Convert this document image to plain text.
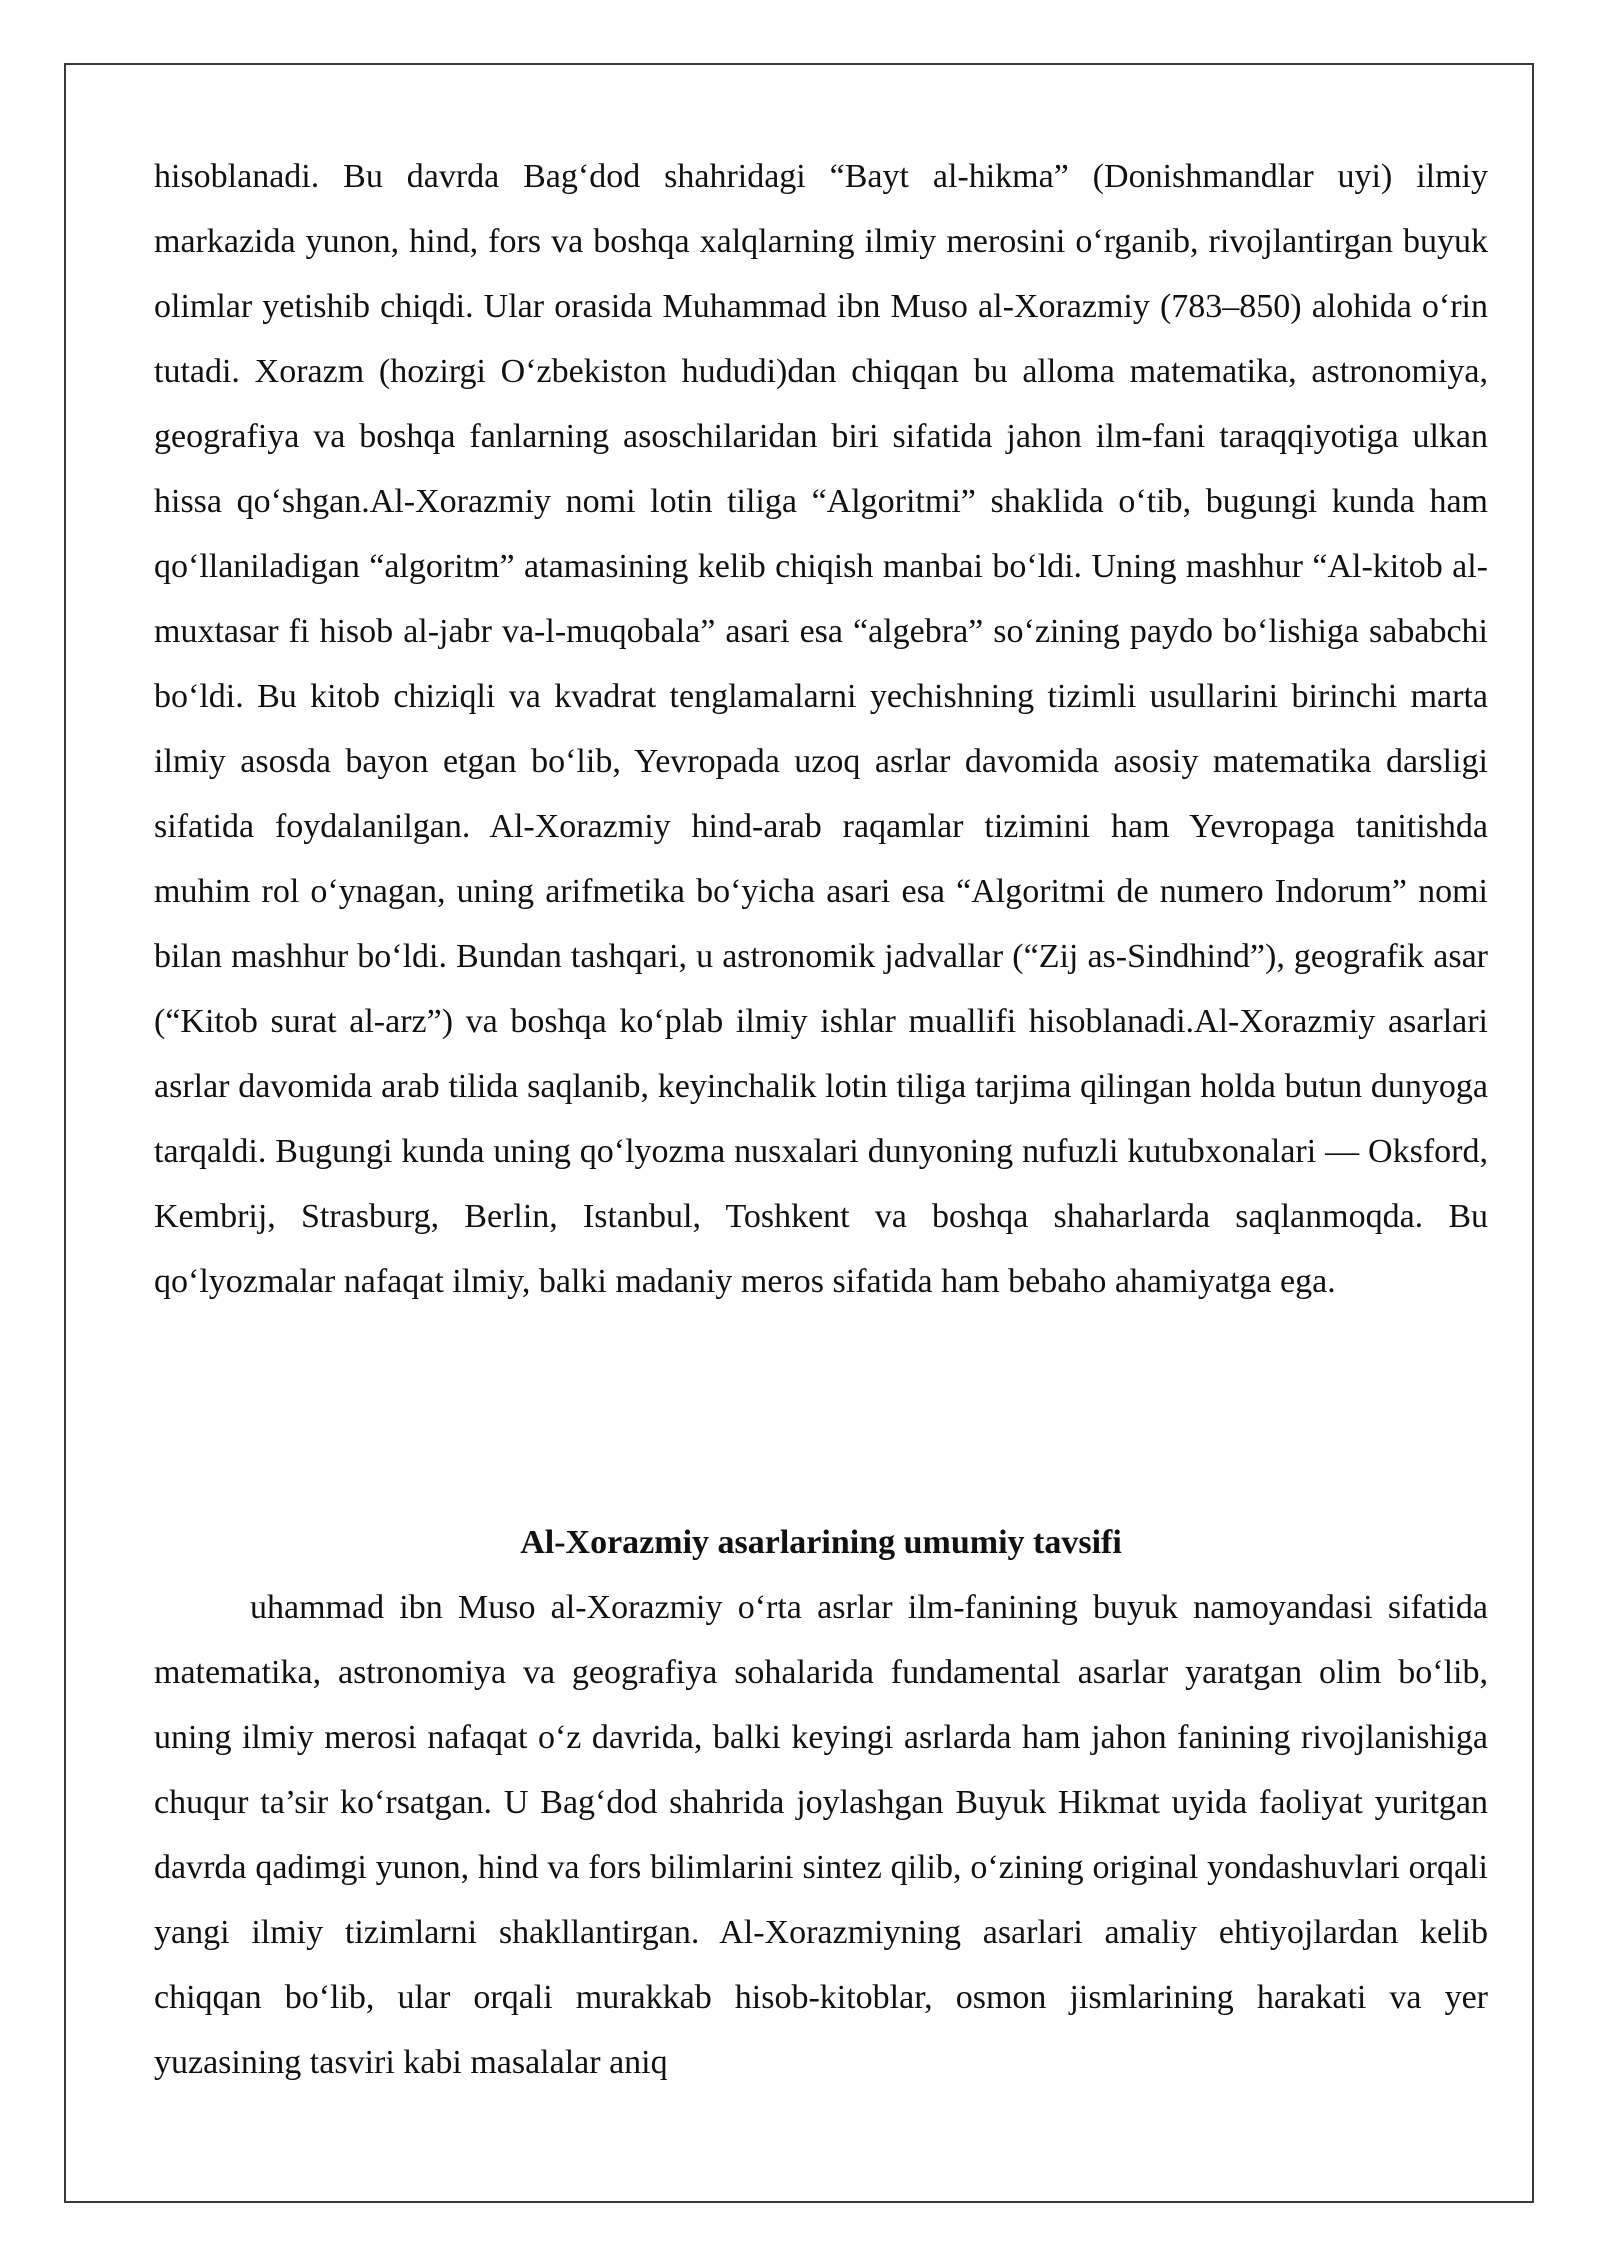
hisoblanadi. Bu davrda Bag‘dod shahridagi “Bayt al-hikma” (Donishmandlar uyi) ilmiy markazida yunon, hind, fors va boshqa xalqlarning ilmiy merosini o‘rganib, rivojlantirgan buyuk olimlar yetishib chiqdi. Ular orasida Muhammad ibn Muso al-Xorazmiy (783–850) alohida o‘rin tutadi. Xorazm (hozirgi O‘zbekiston hududi)dan chiqqan bu alloma matematika, astronomiya, geografiya va boshqa fanlarning asoschilaridan biri sifatida jahon ilm-fani taraqqiyotiga ulkan hissa qo‘shgan.Al-Xorazmiy nomi lotin tiliga “Algoritmi” shaklida o‘tib, bugungi kunda ham qo‘llaniladigan “algoritm” atamasining kelib chiqish manbai bo‘ldi. Uning mashhur “Al-kitob al-muxtasar fi hisob al-jabr va-l-muqobala” asari esa “algebra” so‘zining paydo bo‘lishiga sababchi bo‘ldi. Bu kitob chiziqli va kvadrat tenglamalarni yechishning tizimli usullarini birinchi marta ilmiy asosda bayon etgan bo‘lib, Yevropada uzoq asrlar davomida asosiy matematika darsligi sifatida foydalanilgan. Al-Xorazmiy hind-arab raqamlar tizimini ham Yevropaga tanitishda muhim rol o‘ynagan, uning arifmetika bo‘yicha asari esa “Algoritmi de numero Indorum” nomi bilan mashhur bo‘ldi. Bundan tashqari, u astronomik jadvallar (“Zij as-Sindhind”), geografik asar (“Kitob surat al-arz”) va boshqa ko‘plab ilmiy ishlar muallifi hisoblanadi.Al-Xorazmiy asarlari asrlar davomida arab tilida saqlanib, keyinchalik lotin tiliga tarjima qilingan holda butun dunyoga tarqaldi. Bugungi kunda uning qo‘lyozma nusxalari dunyoning nufuzli kutubxonalari — Oksford, Kembrij, Strasburg, Berlin, Istanbul, Toshkent va boshqa shaharlarda saqlanmoqda. Bu qo‘lyozmalar nafaqat ilmiy, balki madaniy meros sifatida ham bebaho ahamiyatga ega.

Al-Xorazmiy asarlarining umumiy tavsifi

uhammad ibn Muso al-Xorazmiy o‘rta asrlar ilm-fanining buyuk namoyandasi sifatida matematika, astronomiya va geografiya sohalarida fundamental asarlar yaratgan olim bo‘lib, uning ilmiy merosi nafaqat o‘z davrida, balki keyingi asrlarda ham jahon fanining rivojlanishiga chuqur ta’sir ko‘rsatgan. U Bag‘dod shahrida joylashgan Buyuk Hikmat uyida faoliyat yuritgan davrda qadimgi yunon, hind va fors bilimlarini sintez qilib, o‘zining original yondashuvlari orqali yangi ilmiy tizimlarni shakllantirgan. Al-Xorazmiyning asarlari amaliy ehtiyojlardan kelib chiqqan bo‘lib, ular orqali murakkab hisob-kitoblar, osmon jismlarining harakati va yer yuzasining tasviri kabi masalalar aniq
